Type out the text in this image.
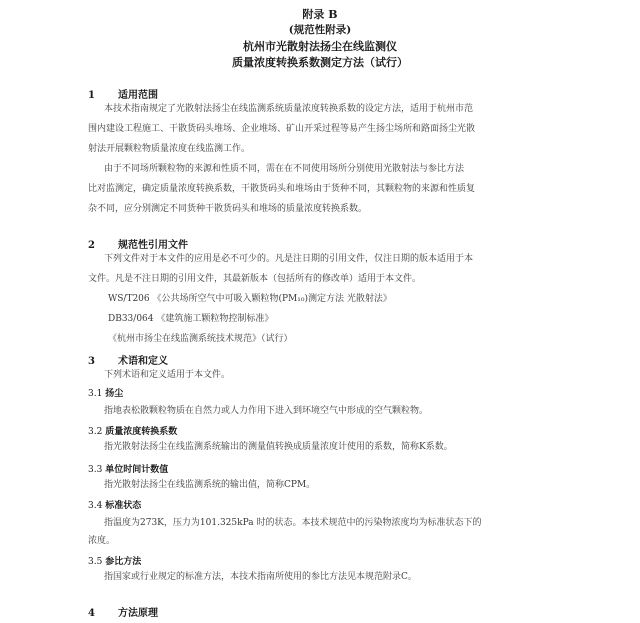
附录 B
(规范性附录)
杭州市光散射法扬尘在线监测仪
质量浓度转换系数测定方法（试行）
1 适用范围
本技术指南规定了光散射法扬尘在线监测系统质量浓度转换系数的设定方法，适用于杭州市范
围内建设工程施工、干散货码头堆场、企业堆场、矿山开采过程等易产生扬尘场所和路面扬尘光散
射法开展颗粒物质量浓度在线监测工作。
由于不同场所颗粒物的来源和性质不同，需在在不同使用场所分别使用光散射法与参比方法
比对监测定，确定质量浓度转换系数，干散货码头和堆场由于货种不同，其颗粒物的来源和性质复
杂不同，应分别测定不同货种干散货码头和堆场的质量浓度转换系数。
2 规范性引用文件
下列文件对于本文件的应用是必不可少的。凡是注日期的引用文件，仅注日期的版本适用于本
文件。凡是不注日期的引用文件，其最新版本（包括所有的修改单）适用于本文件。
WS/T206 《公共场所空气中可吸入颗粒物(PM₁₀)测定方法 光散射法》
DB33/064 《建筑施工颗粒物控制标准》
《杭州市扬尘在线监测系统技术规范》（试行）
3 术语和定义
下列术语和定义适用于本文件。
3.1 扬尘
指地表松散颗粒物质在自然力或人力作用下进入到环境空气中形成的空气颗粒物。
3.2 质量浓度转换系数
指光散射法扬尘在线监测系统输出的测量值转换成质量浓度计使用的系数，简称K系数。
3.3 单位时间计数值
指光散射法扬尘在线监测系统的输出值，简称CPM。
3.4 标准状态
指温度为273K，压力为101.325kPa 时的状态。本技术规范中的污染物浓度均为标准状态下的
浓度。
3.5 参比方法
指国家或行业规定的标准方法，本技术指南所使用的参比方法见本规范附录C。
4 方法原理
